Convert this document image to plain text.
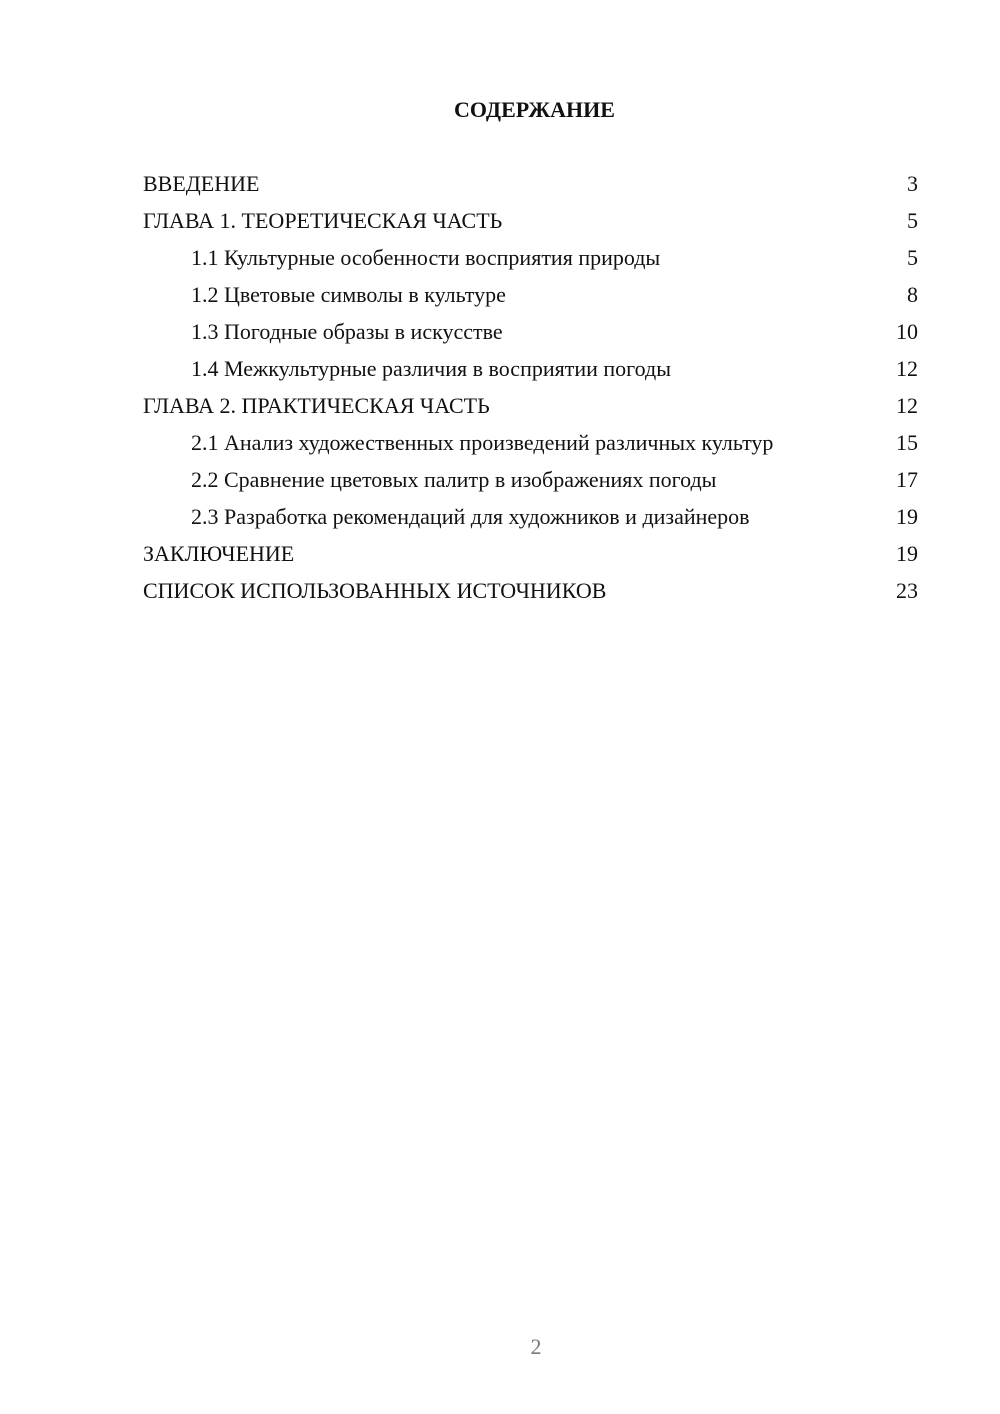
СОДЕРЖАНИЕ
ВВЕДЕНИЕ	3
ГЛАВА 1. ТЕОРЕТИЧЕСКАЯ ЧАСТЬ	5
1.1 Культурные особенности восприятия природы	5
1.2 Цветовые символы в культуре	8
1.3 Погодные образы в искусстве	10
1.4 Межкультурные различия в восприятии погоды	12
ГЛАВА 2. ПРАКТИЧЕСКАЯ ЧАСТЬ	12
2.1 Анализ художественных произведений различных культур	15
2.2 Сравнение цветовых палитр в изображениях погоды	17
2.3 Разработка рекомендаций для художников и дизайнеров	19
ЗАКЛЮЧЕНИЕ	19
СПИСОК ИСПОЛЬЗОВАННЫХ ИСТОЧНИКОВ	23
2
